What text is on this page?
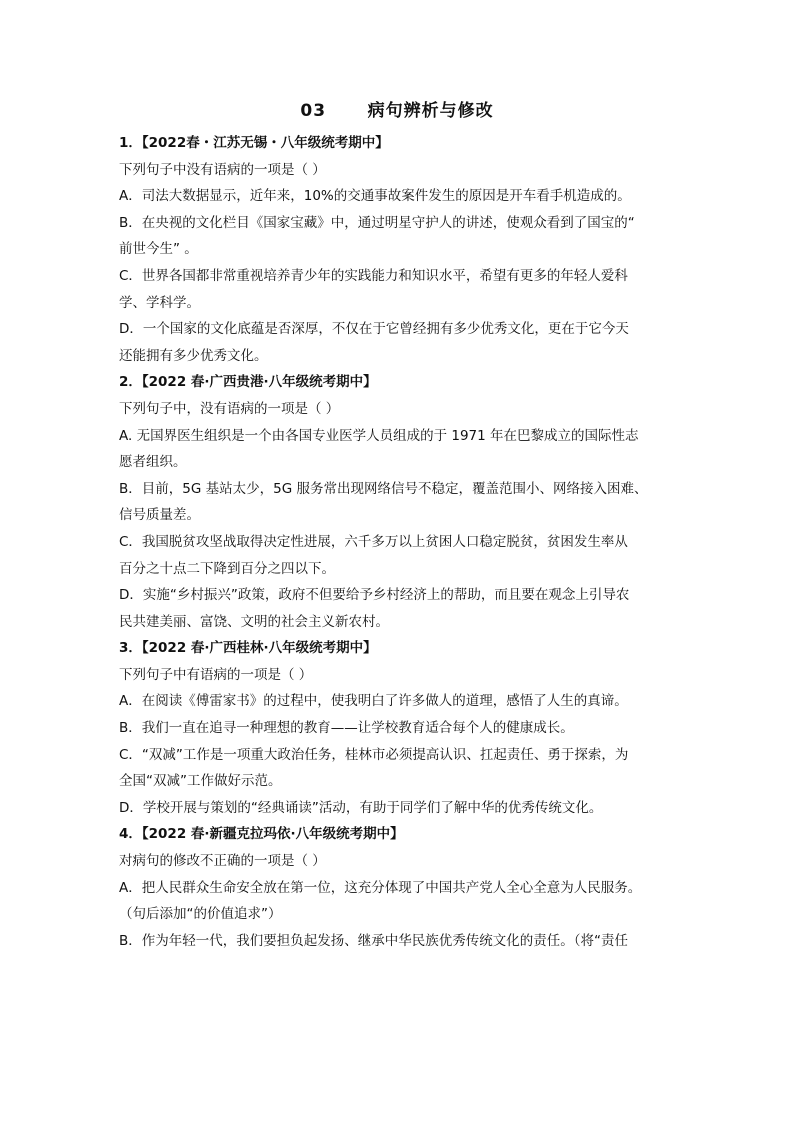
03      病句辨析与修改
1．【2022春・江苏无锡・八年级统考期中】
下列句子中没有语病的一项是（ ）
A．司法大数据显示，近年来，10%的交通事故案件发生的原因是开车看手机造成的。
B．在央视的文化栏目《国家宝藏》中，通过明星守护人的讲述，使观众看到了国宝的“
前世今生” 。
C．世界各国都非常重视培养青少年的实践能力和知识水平，希望有更多的年轻人爱科
学、学科学。
D．一个国家的文化底蕴是否深厚，不仅在于它曾经拥有多少优秀文化，更在于它今天
还能拥有多少优秀文化。
2．【2022 春·广西贵港·八年级统考期中】
下列句子中，没有语病的一项是（ ）
A. 无国界医生组织是一个由各国专业医学人员组成的于 1971 年在巴黎成立的国际性志
愿者组织。
B．目前，5G 基站太少，5G 服务常出现网络信号不稳定，覆盖范围小、网络接入困难、
信号质量差。
C．我国脱贫攻坚战取得决定性进展，六千多万以上贫困人口稳定脱贫，贫困发生率从
百分之十点二下降到百分之四以下。
D．实施“乡村振兴”政策，政府不但要给予乡村经济上的帮助，而且要在观念上引导农
民共建美丽、富饶、文明的社会主义新农村。
3．【2022 春·广西桂林·八年级统考期中】
下列句子中有语病的一项是（ ）
A．在阅读《傅雷家书》的过程中，使我明白了许多做人的道理，感悟了人生的真谛。
B．我们一直在追寻一种理想的教育——让学校教育适合每个人的健康成长。
C．“双减”工作是一项重大政治任务，桂林市必须提高认识、扛起责任、勇于探索，为
全国“双减”工作做好示范。
D．学校开展与策划的“经典诵读”活动，有助于同学们了解中华的优秀传统文化。
4．【2022 春·新疆克拉玛依·八年级统考期中】
对病句的修改不正确的一项是（ ）
A．把人民群众生命安全放在第一位，这充分体现了中国共产党人全心全意为人民服务。
（句后添加“的价值追求”）
B．作为年轻一代，我们要担负起发扬、继承中华民族优秀传统文化的责任。（将“责任
